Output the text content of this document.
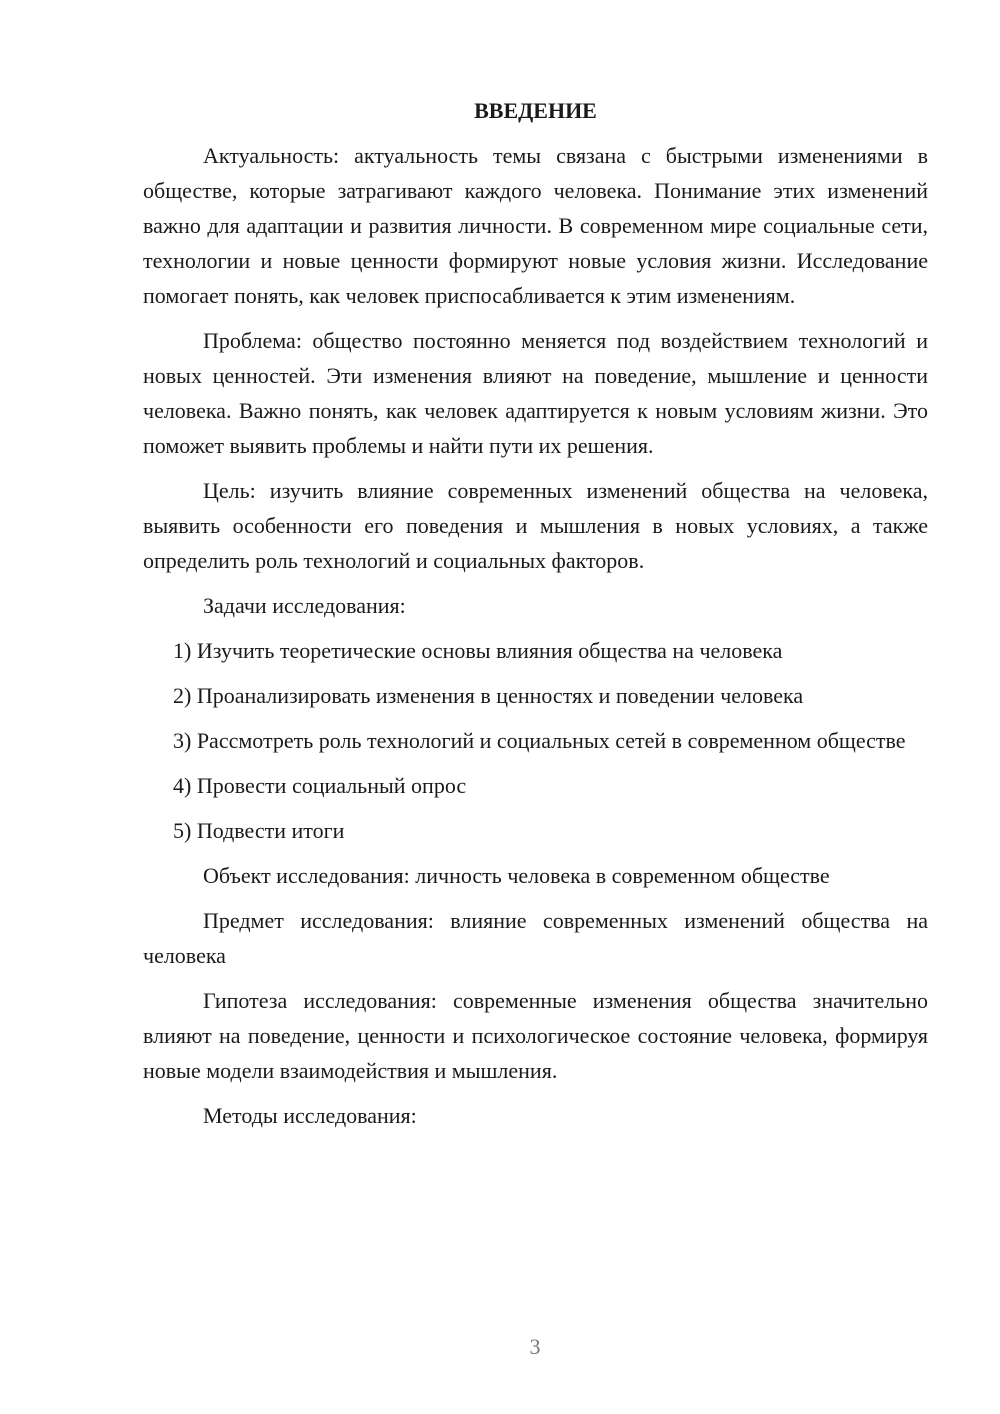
ВВЕДЕНИЕ

Актуальность: актуальность темы связана с быстрыми изменениями в обществе, которые затрагивают каждого человека. Понимание этих изменений важно для адаптации и развития личности. В современном мире социальные сети, технологии и новые ценности формируют новые условия жизни. Исследование помогает понять, как человек приспосабливается к этим изменениям.

Проблема: общество постоянно меняется под воздействием технологий и новых ценностей. Эти изменения влияют на поведение, мышление и ценности человека. Важно понять, как человек адаптируется к новым условиям жизни. Это поможет выявить проблемы и найти пути их решения.

Цель: изучить влияние современных изменений общества на человека, выявить особенности его поведения и мышления в новых условиях, а также определить роль технологий и социальных факторов.

Задачи исследования:

1) Изучить теоретические основы влияния общества на человека

2) Проанализировать изменения в ценностях и поведении человека

3) Рассмотреть роль технологий и социальных сетей в современном обществе

4) Провести социальный опрос

5) Подвести итоги

Объект исследования: личность человека в современном обществе

Предмет исследования: влияние современных изменений общества на человека

Гипотеза исследования: современные изменения общества значительно влияют на поведение, ценности и психологическое состояние человека, формируя новые модели взаимодействия и мышления.

Методы исследования:

3
